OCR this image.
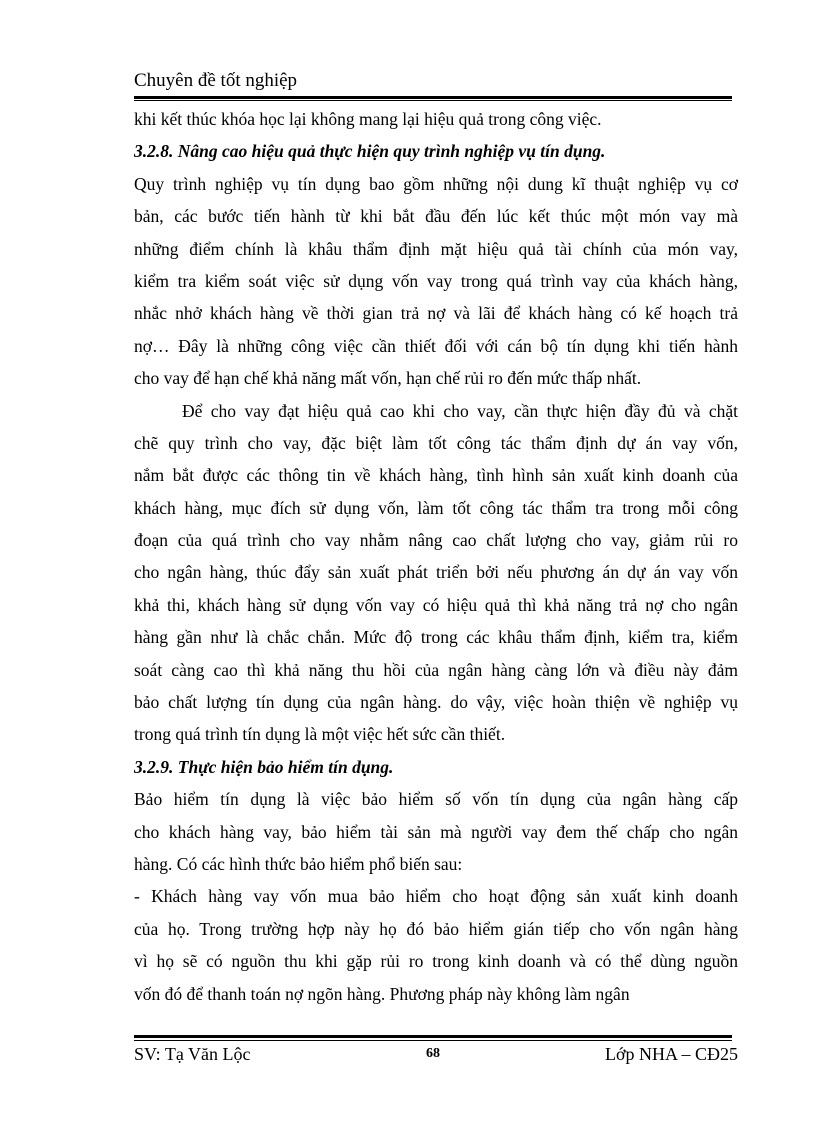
Chuyên đề tốt nghiệp
khi kết thúc khóa học lại không mang lại hiệu quả trong công việc.
3.2.8. Nâng cao hiệu quả thực hiện quy trình nghiệp vụ tín dụng.
Quy trình nghiệp vụ tín dụng bao gồm những nội dung kĩ thuật nghiệp vụ cơ
bản, các bước tiến hành từ khi bắt đầu đến lúc kết thúc một món vay mà
những điểm chính là khâu thẩm định mặt hiệu quả tài chính của món vay,
kiểm tra kiểm soát việc sử dụng vốn vay trong quá trình vay của khách hàng,
nhắc nhở khách hàng về thời gian trả nợ và lãi để khách hàng có kế hoạch trả
nợ… Đây là những công việc cần thiết đối với cán bộ tín dụng khi tiến hành
cho vay để hạn chế khả năng mất vốn, hạn chế rủi ro đến mức thấp nhất.
Để cho vay đạt hiệu quả cao khi cho vay, cần thực hiện đầy đủ và chặt
chẽ quy trình cho vay, đặc biệt làm tốt công tác thẩm định dự án vay vốn,
nắm bắt được các thông tin về khách hàng, tình hình sản xuất kinh doanh của
khách hàng, mục đích sử dụng vốn, làm tốt công tác thẩm tra trong mỗi công
đoạn của quá trình cho vay nhằm nâng cao chất lượng cho vay, giảm rủi ro
cho ngân hàng, thúc đẩy sản xuất phát triển bởi nếu phương án dự án vay vốn
khả thi, khách hàng sử dụng vốn vay có hiệu quả thì khả năng trả nợ cho ngân
hàng gần như là chắc chắn. Mức độ trong các khâu thẩm định, kiểm tra, kiểm
soát càng cao thì khả năng thu hồi của ngân hàng càng lớn và điều này đảm
bảo chất lượng tín dụng của ngân hàng. do vậy, việc hoàn thiện về nghiệp vụ
trong quá trình tín dụng là một việc hết sức cần thiết.
3.2.9. Thực hiện bảo hiểm tín dụng.
Bảo hiểm tín dụng là việc bảo hiểm số vốn tín dụng của ngân hàng cấp
cho khách hàng vay, bảo hiểm tài sản mà người vay đem thế chấp cho ngân
hàng. Có các hình thức bảo hiểm phổ biến sau:
- Khách hàng vay vốn mua bảo hiểm cho hoạt động sản xuất kinh doanh
của họ. Trong trường hợp này họ đó bảo hiểm gián tiếp cho vốn ngân hàng
vì họ sẽ có nguồn thu khi gặp rủi ro trong kinh doanh và có thể dùng nguồn
vốn đó để thanh toán nợ ngõn hàng. Phương pháp này không làm ngân
SV: Tạ Văn Lộc	68	Lớp NHA – CĐ25
